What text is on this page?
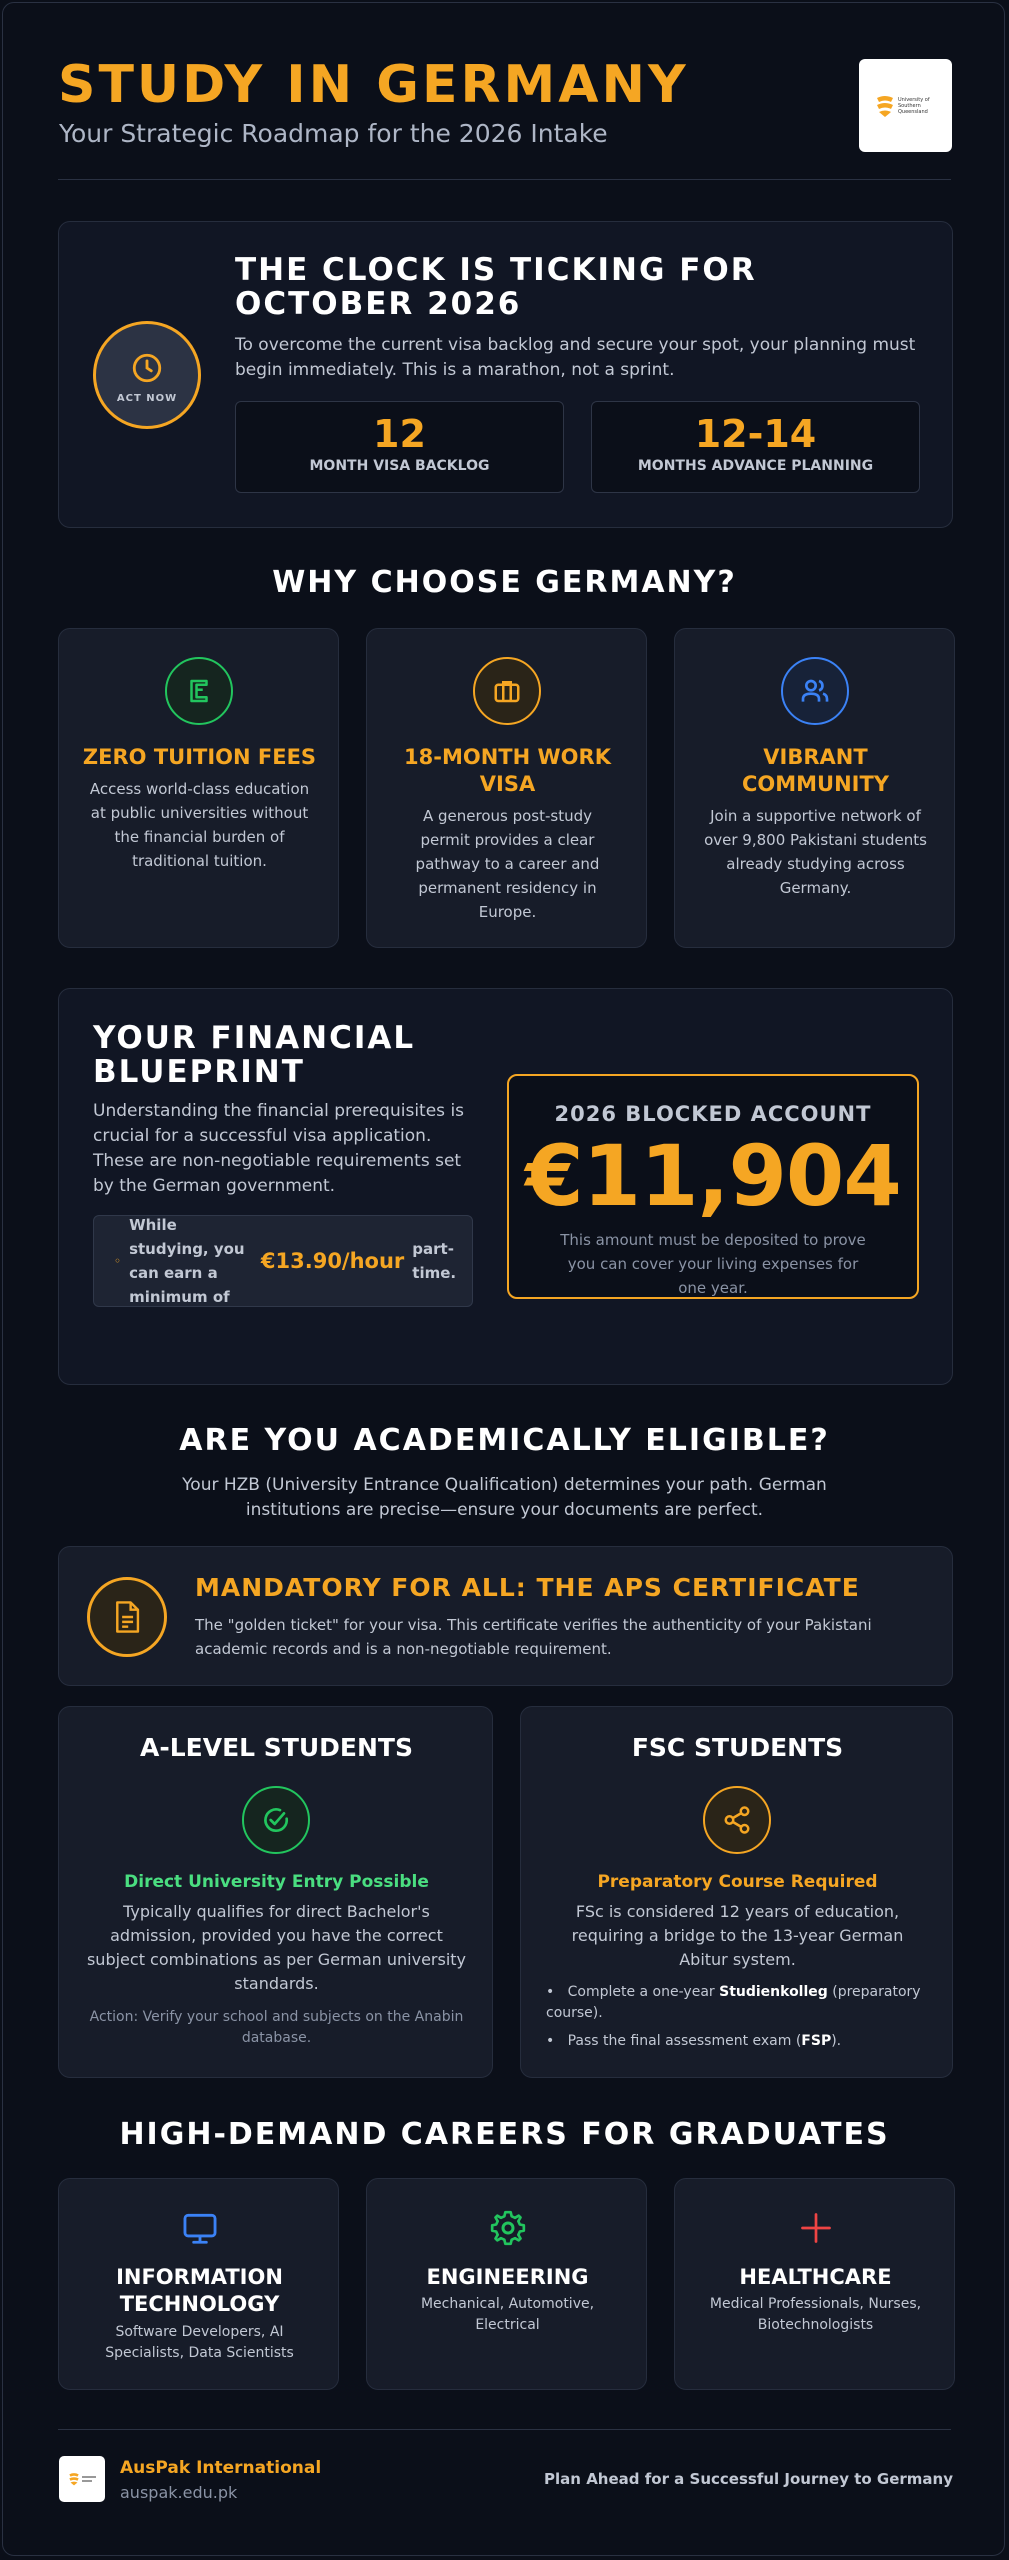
STUDY IN GERMANY
Your Strategic Roadmap for the 2026 Intake
University of Southern Queensland
ACT NOW
THE CLOCK IS TICKING FOR OCTOBER 2026
To overcome the current visa backlog and secure your spot, your planning must begin immediately. This is a marathon, not a sprint.
12
MONTH VISA BACKLOG
12-14
MONTHS ADVANCE PLANNING
WHY CHOOSE GERMANY?
ZERO TUITION FEES
Access world-class education at public universities without the financial burden of traditional tuition.
18-MONTH WORK VISA
A generous post-study permit provides a clear pathway to a career and permanent residency in Europe.
VIBRANT COMMUNITY
Join a supportive network of over 9,800 Pakistani students already studying across Germany.
YOUR FINANCIAL BLUEPRINT
Understanding the financial prerequisites is crucial for a successful visa application. These are non-negotiable requirements set by the German government.
◦
While studying, you can earn a minimum of
€13.90/hour part-time.
2026 BLOCKED ACCOUNT
€11,904
This amount must be deposited to prove you can cover your living expenses for one year.
ARE YOU ACADEMICALLY ELIGIBLE?
Your HZB (University Entrance Qualification) determines your path. German institutions are precise—ensure your documents are perfect.
MANDATORY FOR ALL: THE APS CERTIFICATE
The "golden ticket" for your visa. This certificate verifies the authenticity of your Pakistani academic records and is a non-negotiable requirement.
A-LEVEL STUDENTS
Direct University Entry Possible
Typically qualifies for direct Bachelor's admission, provided you have the correct subject combinations as per German university standards.
Action: Verify your school and subjects on the Anabin database.
FSC STUDENTS
Preparatory Course Required
FSc is considered 12 years of education, requiring a bridge to the 13-year German Abitur system.
•   Complete a one-year Studienkolleg (preparatory course).
•   Pass the final assessment exam (FSP).
HIGH-DEMAND CAREERS FOR GRADUATES
INFORMATION TECHNOLOGY
Software Developers, AI Specialists, Data Scientists
ENGINEERING
Mechanical, Automotive, Electrical
HEALTHCARE
Medical Professionals, Nurses, Biotechnologists
AusPak International
auspak.edu.pk
Plan Ahead for a Successful Journey to Germany
